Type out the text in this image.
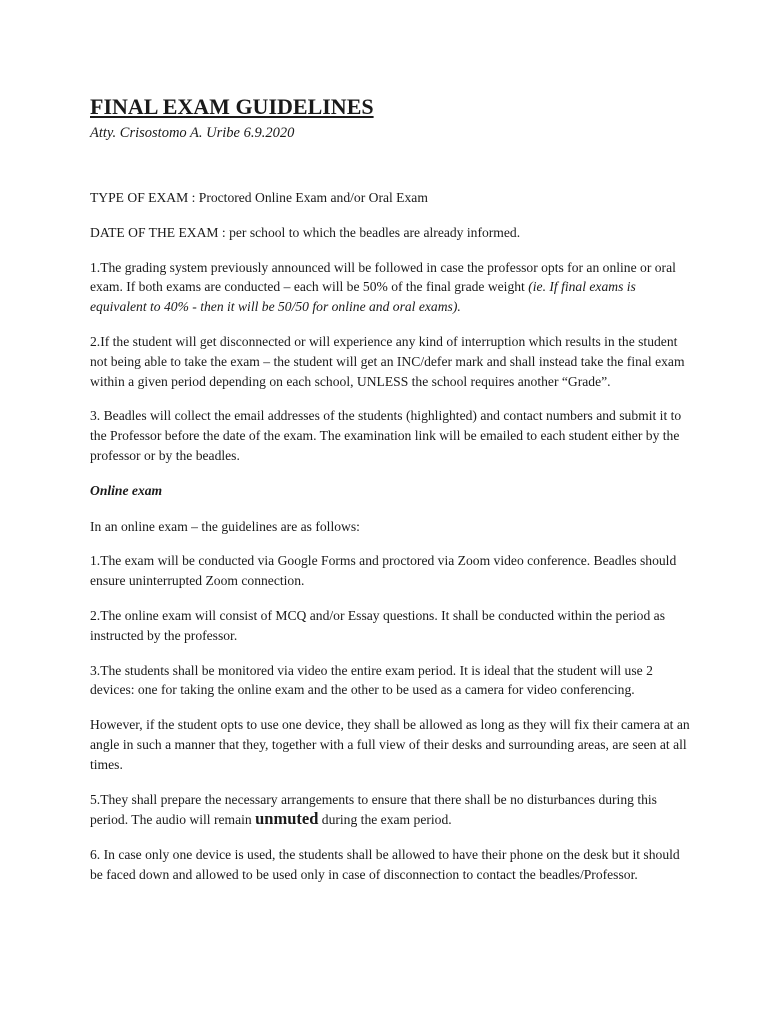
FINAL EXAM GUIDELINES
Atty. Crisostomo A. Uribe 6.9.2020

TYPE OF EXAM : Proctored Online Exam and/or Oral Exam

DATE OF THE EXAM : per school to which the beadles are already informed.

1.The grading system previously announced will be followed in case the professor opts for an online or oral exam. If both exams are conducted – each will be 50% of the final grade weight (ie. If final exams is equivalent to 40% - then it will be 50/50 for online and oral exams).

2.If the student will get disconnected or will experience any kind of interruption which results in the student not being able to take the exam – the student will get an INC/defer mark and shall instead take the final exam within a given period depending on each school, UNLESS the school requires another “Grade”.

3. Beadles will collect the email addresses of the students (highlighted) and contact numbers and submit it to the Professor before the date of the exam. The examination link will be emailed to each student either by the professor or by the beadles.

Online exam

In an online exam – the guidelines are as follows:

1.The exam will be conducted via Google Forms and proctored via Zoom video conference. Beadles should ensure uninterrupted Zoom connection.

2.The online exam will consist of MCQ and/or Essay questions. It shall be conducted within the period as instructed by the professor.

3.The students shall be monitored via video the entire exam period. It is ideal that the student will use 2 devices: one for taking the online exam and the other to be used as a camera for video conferencing.

However, if the student opts to use one device, they shall be allowed as long as they will fix their camera at an angle in such a manner that they, together with a full view of their desks and surrounding areas, are seen at all times.

5.They shall prepare the necessary arrangements to ensure that there shall be no disturbances during this period. The audio will remain unmuted during the exam period.

6. In case only one device is used, the students shall be allowed to have their phone on the desk but it should be faced down and allowed to be used only in case of disconnection to contact the beadles/Professor.
